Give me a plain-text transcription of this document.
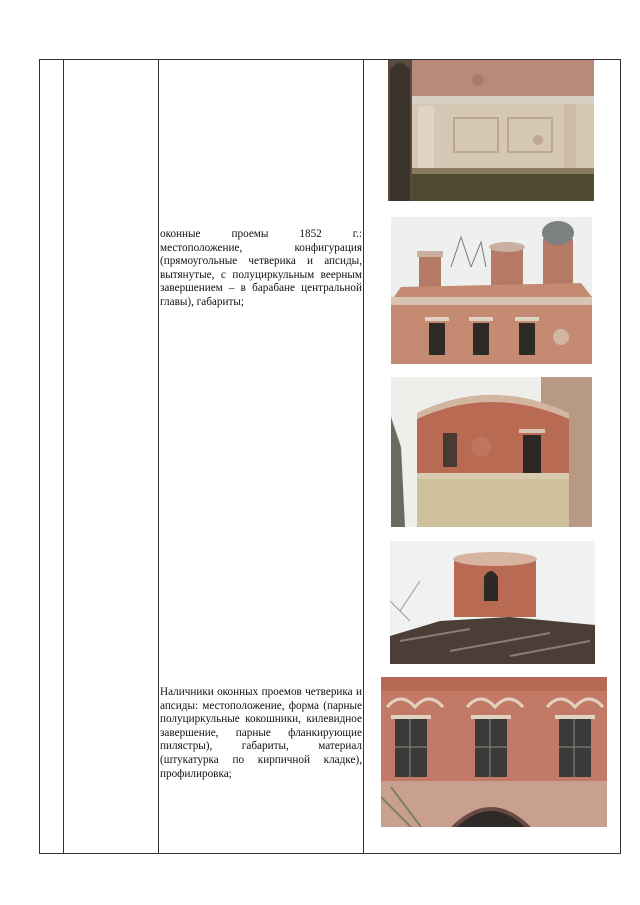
оконные проемы 1852 г.: местоположение, конфигурация (прямоугольные четверика и апсиды, вытянутые, с полуциркульным веерным завершением – в барабане центральной главы), габариты;
Наличники оконных проемов четверика и апсиды: местоположение, форма (парные полуциркульные кокошники, килевидное завершение, парные фланкирующие пилястры), габариты, материал (штукатурка по кирпичной кладке), профилировка;
